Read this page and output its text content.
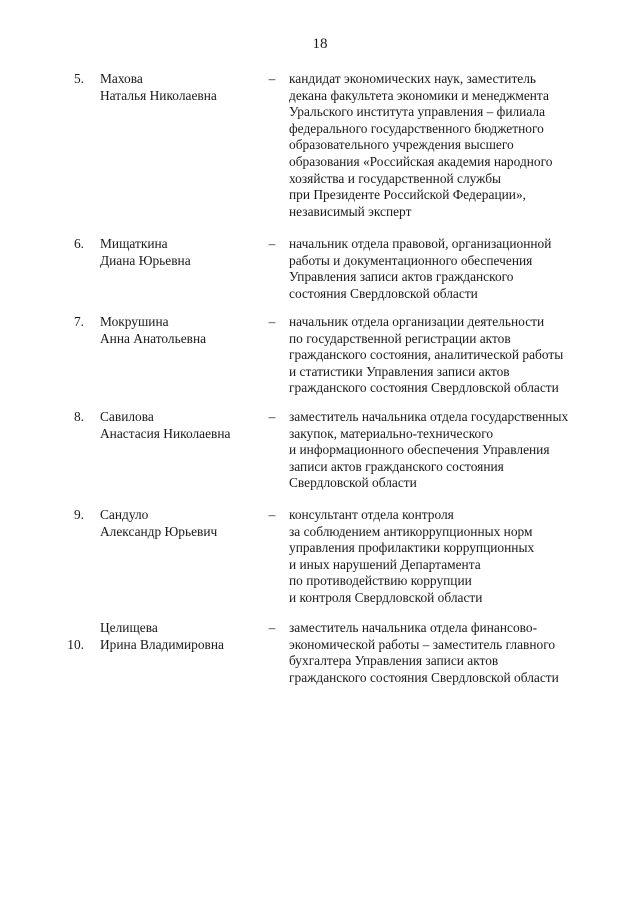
18
5. Махова
Наталья Николаевна
– кандидат экономических наук, заместитель
декана факультета экономики и менеджмента
Уральского института управления – филиала
федерального государственного бюджетного
образовательного учреждения высшего
образования «Российская академия народного
хозяйства и государственной службы
при Президенте Российской Федерации»,
независимый эксперт
6. Мищаткина
Диана Юрьевна
– начальник отдела правовой, организационной
работы и документационного обеспечения
Управления записи актов гражданского
состояния Свердловской области
7. Мокрушина
Анна Анатольевна
– начальник отдела организации деятельности
по государственной регистрации актов
гражданского состояния, аналитической работы
и статистики Управления записи актов
гражданского состояния Свердловской области
8. Савилова
Анастасия Николаевна
– заместитель начальника отдела государственных
закупок, материально-технического
и информационного обеспечения Управления
записи актов гражданского состояния
Свердловской области
9. Сандуло
Александр Юрьевич
– консультант отдела контроля
за соблюдением антикоррупционных норм
управления профилактики коррупционных
и иных нарушений Департамента
по противодействию коррупции
и контроля Свердловской области
10.
Целищева
Ирина Владимировна
– заместитель начальника отдела финансово-
экономической работы – заместитель главного
бухгалтера Управления записи актов
гражданского состояния Свердловской области
